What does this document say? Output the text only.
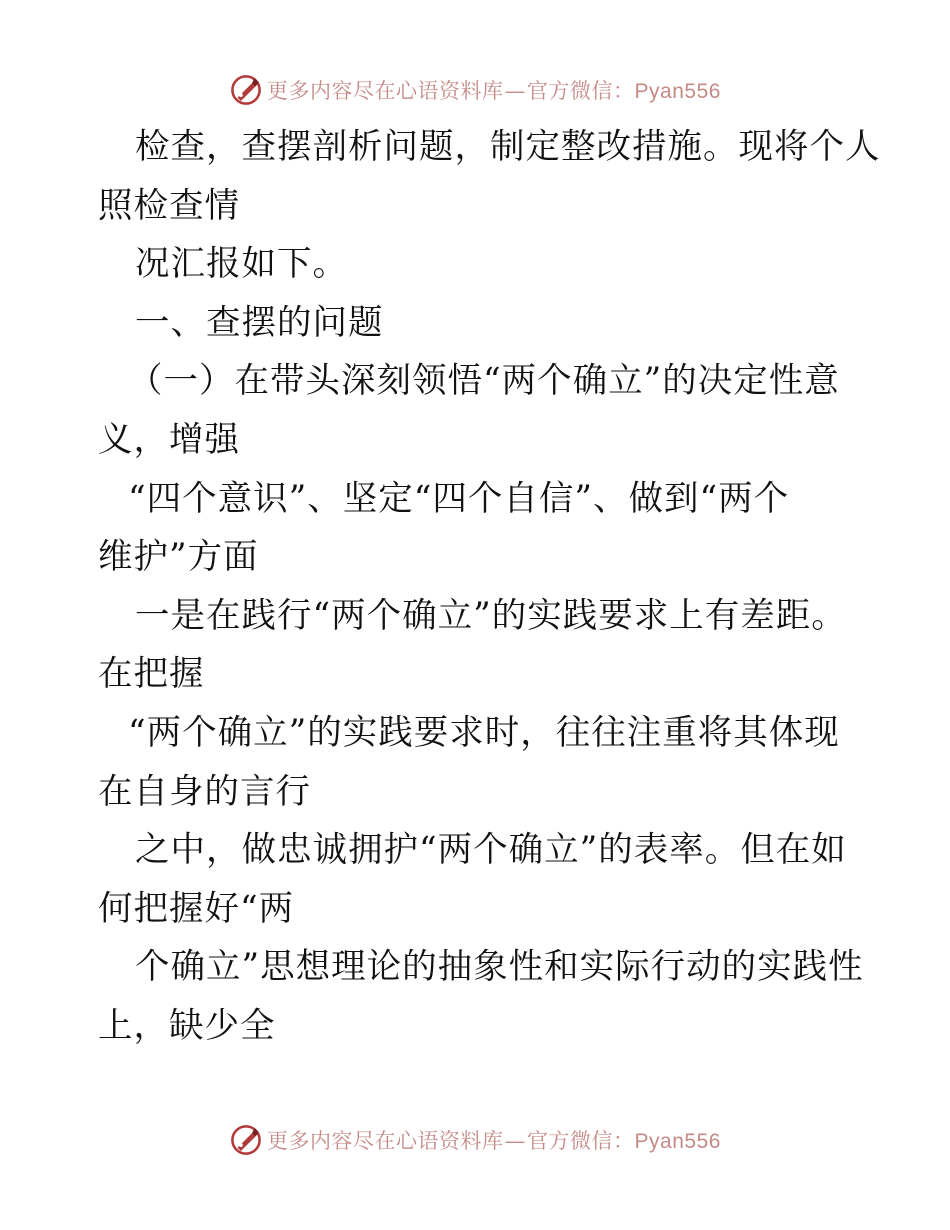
更多内容尽在心语资料库—官方微信：Pyan556
检查，查摆剖析问题，制定整改措施。现将个人
照检查情
况汇报如下。
一、查摆的问题
（一）在带头深刻领悟“两个确立”的决定性意
义，增强
“四个意识”、坚定“四个自信”、做到“两个
维护”方面
一是在践行“两个确立”的实践要求上有差距。
在把握
“两个确立”的实践要求时，往往注重将其体现
在自身的言行
之中，做忠诚拥护“两个确立”的表率。但在如
何把握好“两
个确立”思想理论的抽象性和实际行动的实践性
上，缺少全
更多内容尽在心语资料库—官方微信：Pyan556
